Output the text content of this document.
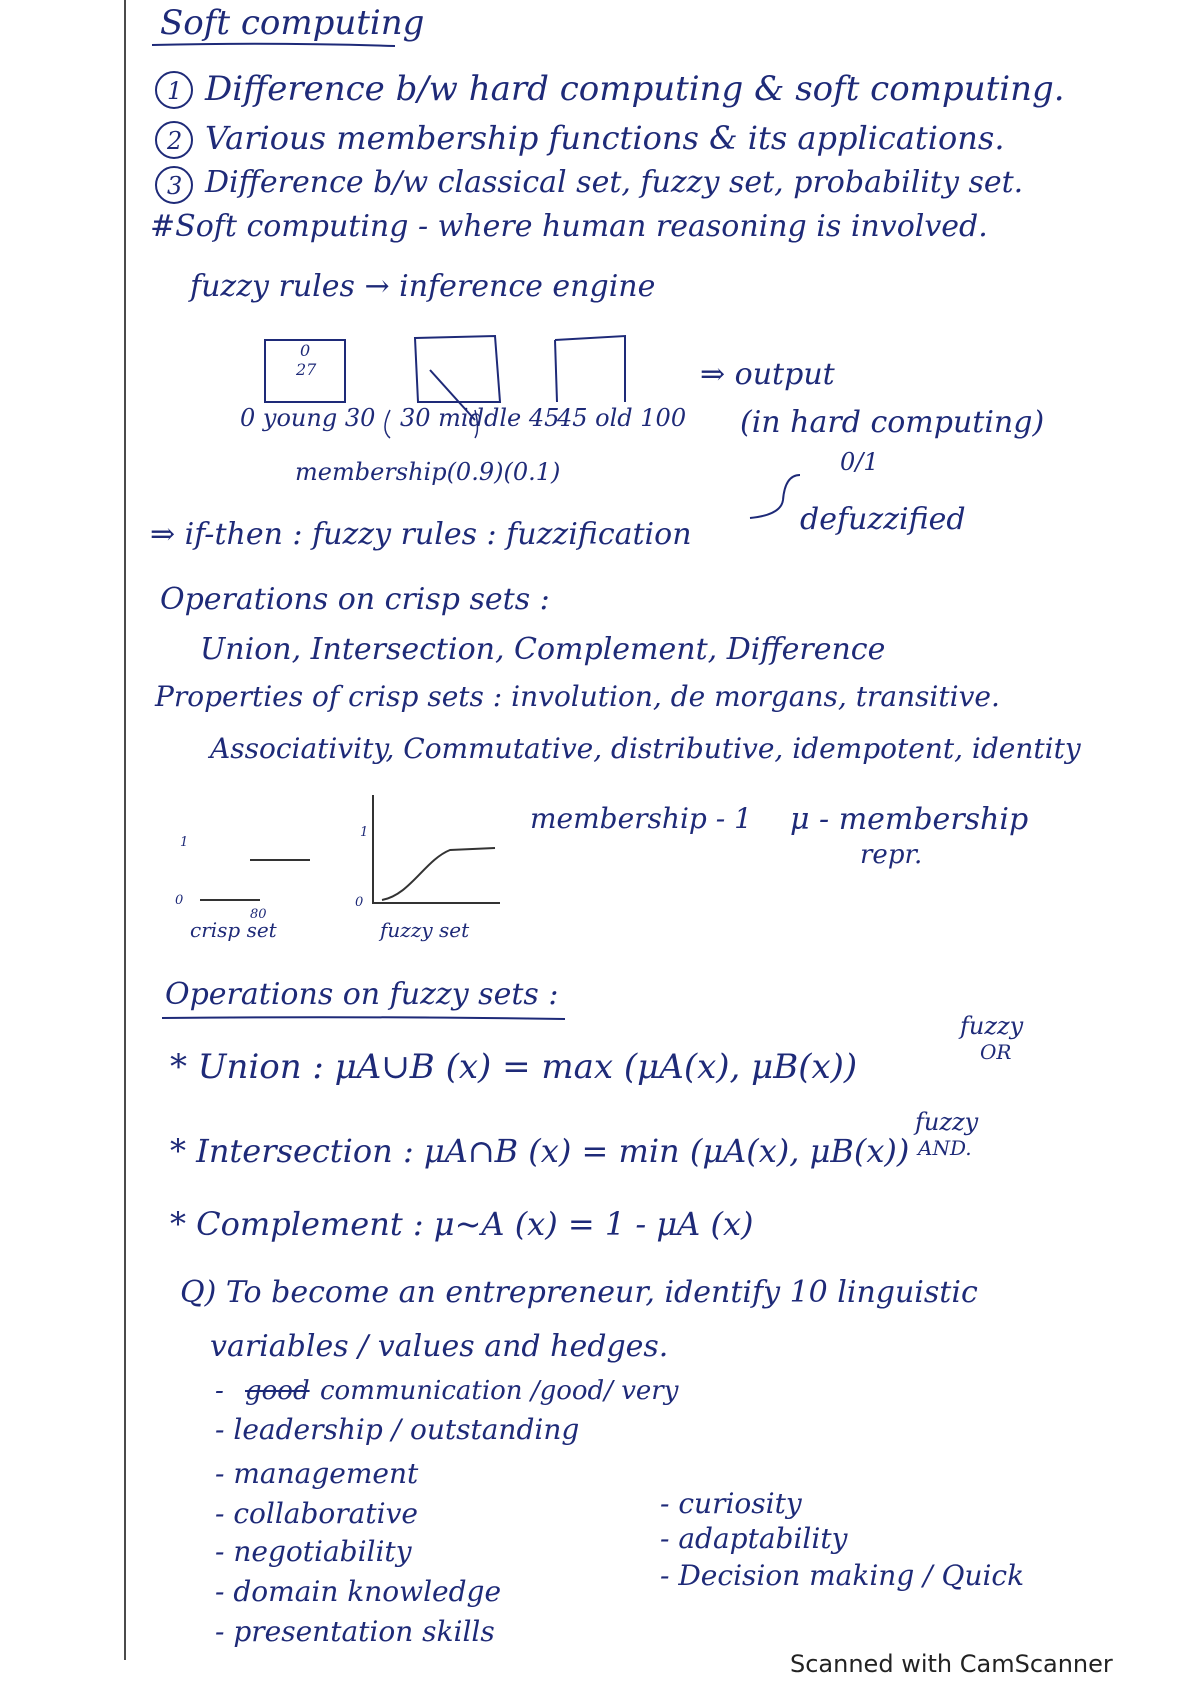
Soft computing
1 Difference b/w hard computing & soft computing.
2 Various membership functions & its applications.
3 Difference b/w classical set, fuzzy set, probability set.
#Soft computing - where human reasoning is involved.
fuzzy rules → inference engine
0
27
0 young 30 30 middle 45
45 old 100
membership(0.9)(0.1)
⇒ output
(in hard computing)
0/1
⇒ if-then : fuzzy rules : fuzzification	defuzzified
Operations on crisp sets :
Union, Intersection, Complement, Difference
Properties of crisp sets : involution, de morgans, transitive.
Associativity, Commutative, distributive, idempotent, identity
1
0
1
0
80
crisp set	fuzzy set
membership - 1 μ - membership
repr.
Operations on fuzzy sets :
* Union : μA∪B (x) = max (μA(x), μB(x))
fuzzy
OR
* Intersection : μA∩B (x) = min (μA(x), μB(x))
fuzzy
AND.
* Complement : μ~A (x) = 1 - μA (x)
Q) To become an entrepreneur, identify 10 linguistic
variables / values and hedges.
- good communication /good/ very
- leadership / outstanding
- management
- collaborative
- negotiability
- domain knowledge
- presentation skills
- curiosity
- adaptability
- Decision making / Quick
Scanned with CamScanner
